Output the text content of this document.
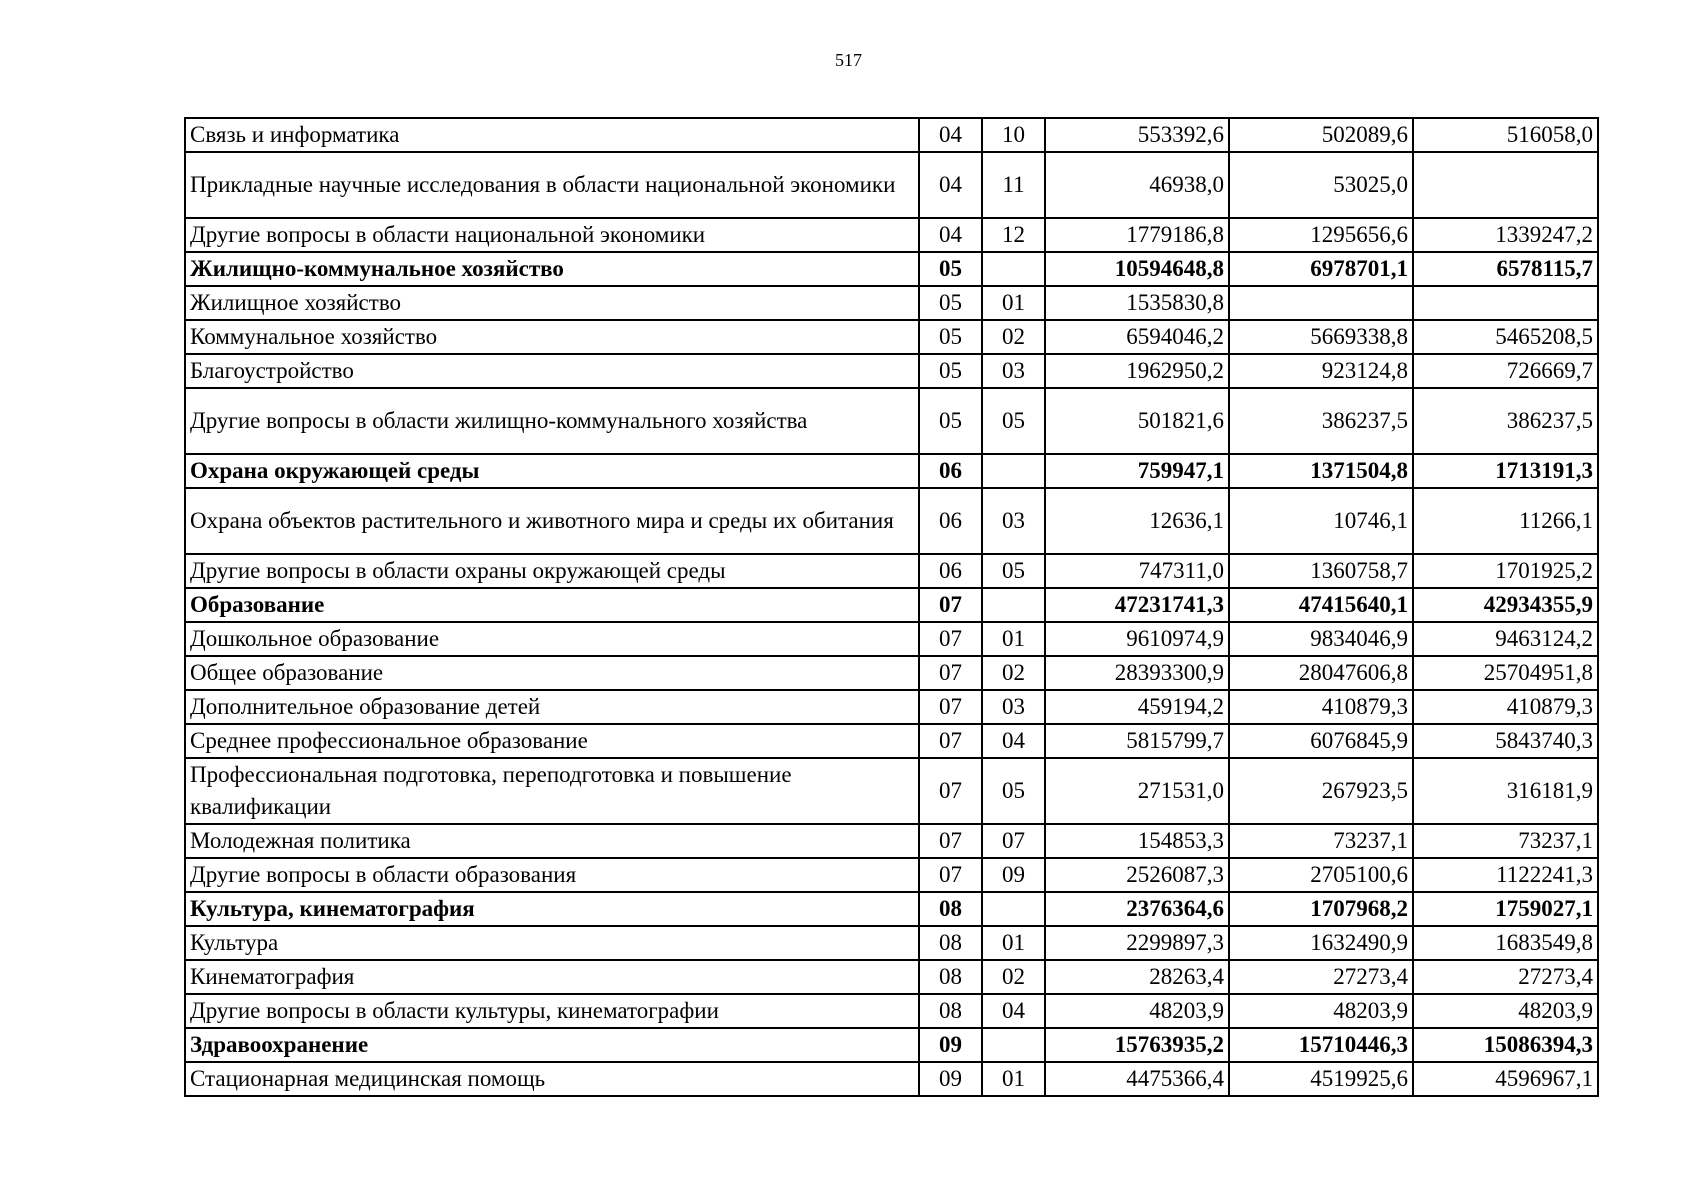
517
Связь и информатика	04	10	553392,6	502089,6	516058,0
Прикладные научные исследования в области национальной экономики	04	11	46938,0	53025,0	
Другие вопросы в области национальной экономики	04	12	1779186,8	1295656,6	1339247,2
Жилищно-коммунальное хозяйство	05		10594648,8	6978701,1	6578115,7
Жилищное хозяйство	05	01	1535830,8		
Коммунальное хозяйство	05	02	6594046,2	5669338,8	5465208,5
Благоустройство	05	03	1962950,2	923124,8	726669,7
Другие вопросы в области жилищно-коммунального хозяйства	05	05	501821,6	386237,5	386237,5
Охрана окружающей среды	06		759947,1	1371504,8	1713191,3
Охрана объектов растительного и животного мира и среды их обитания	06	03	12636,1	10746,1	11266,1
Другие вопросы в области охраны окружающей среды	06	05	747311,0	1360758,7	1701925,2
Образование	07		47231741,3	47415640,1	42934355,9
Дошкольное образование	07	01	9610974,9	9834046,9	9463124,2
Общее образование	07	02	28393300,9	28047606,8	25704951,8
Дополнительное образование детей	07	03	459194,2	410879,3	410879,3
Среднее профессиональное образование	07	04	5815799,7	6076845,9	5843740,3
Профессиональная подготовка, переподготовка и повышение квалификации	07	05	271531,0	267923,5	316181,9
Молодежная политика	07	07	154853,3	73237,1	73237,1
Другие вопросы в области образования	07	09	2526087,3	2705100,6	1122241,3
Культура, кинематография	08		2376364,6	1707968,2	1759027,1
Культура	08	01	2299897,3	1632490,9	1683549,8
Кинематография	08	02	28263,4	27273,4	27273,4
Другие вопросы в области культуры, кинематографии	08	04	48203,9	48203,9	48203,9
Здравоохранение	09		15763935,2	15710446,3	15086394,3
Стационарная медицинская помощь	09	01	4475366,4	4519925,6	4596967,1
